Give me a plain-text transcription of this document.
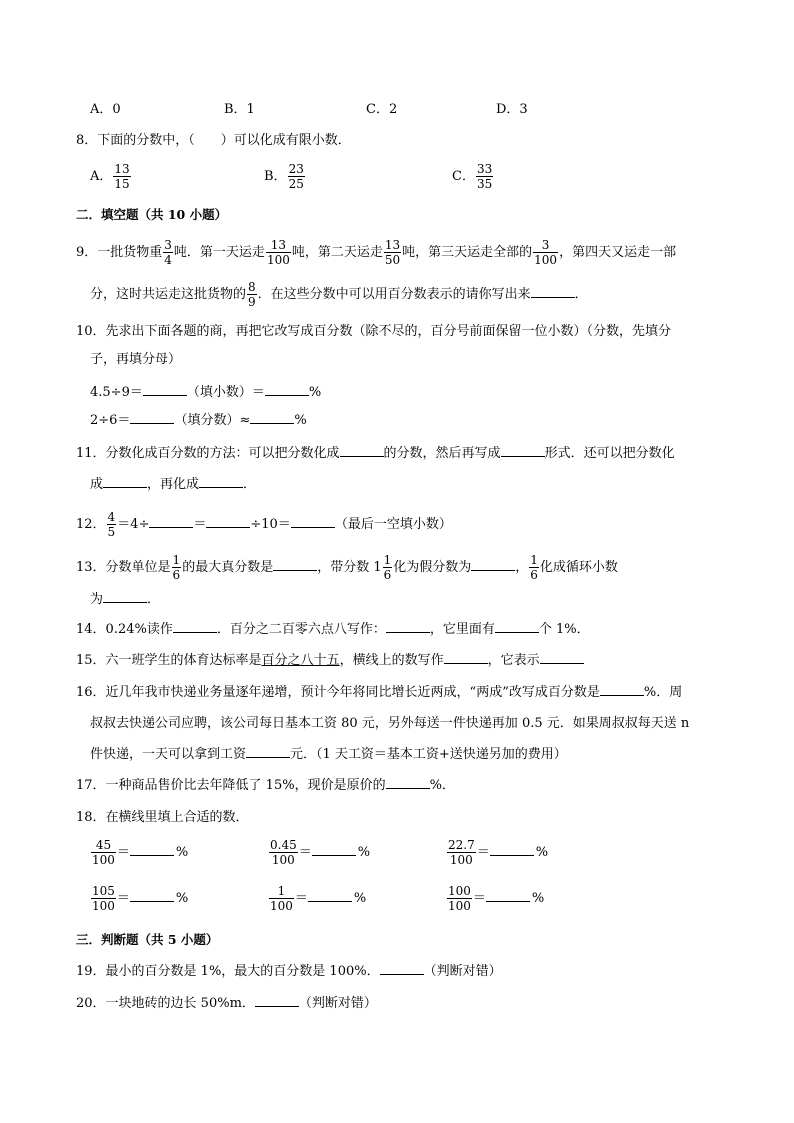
A．0	B．1	C．2	D．3
8．下面的分数中，（　　）可以化成有限小数．
A． $\frac{13}{15}$	B． $\frac{23}{25}$	C． $\frac{33}{35}$
二．填空题（共 10 小题）
9．一批货物重 $\frac{3}{4}$ 吨．第一天运走 $\frac{13}{100}$ 吨，第二天运走 $\frac{13}{50}$ 吨，第三天运走全部的 $\frac{3}{100}$ ，第四天又运走一部
分，这时共运走这批货物的 $\frac{8}{9}$ ．在这些分数中可以用百分数表示的请你写出来	．
10．先求出下面各题的商，再把它改写成百分数（除不尽的，百分号前面保留一位小数）（分数，先填分
子，再填分母）
4.5÷9＝	（填小数）＝	%
2÷6＝	（填分数）≈	%
11．分数化成百分数的方法：可以把分数化成	的分数，然后再写成	形式．还可以把分数化
成	，再化成	．
12． $\frac{4}{5} =4\div$	＝	÷10＝	（最后一空填小数）
13．分数单位是 $\frac{1}{6}$ 的最大真分数是	，带分数 $1 \frac{1}{6}$ 化为假分数为	， $\frac{1}{6}$ 化成循环小数
为	．
14．0.24%读作	．百分之二百零六点八写作：	，它里面有	个 1%．
15．六一班学生的体育达标率是百分之八十五，横线上的数写作	，它表示
16．近几年我市快递业务量逐年递增，预计今年将同比增长近两成，“两成”改写成百分数是	%．周
叔叔去快递公司应聘，该公司每日基本工资 80 元，另外每送一件快递再加 0.5 元．如果周叔叔每天送 n
件快递，一天可以拿到工资	元．（1 天工资＝基本工资+送快递另加的费用）
17．一种商品售价比去年降低了 15%，现价是原价的	%．
18．在横线里填上合适的数．
$\frac{45}{100}$ ＝	%	$\frac{0.45}{100}$ ＝	%	$\frac{22.7}{100}$ ＝	%
$\frac{105}{100}$ ＝	%	$\frac{1}{100}$ ＝	%	$\frac{100}{100}$ ＝	%
三．判断题（共 5 小题）
19．最小的百分数是 1%，最大的百分数是 100%．	（判断对错）
20．一块地砖的边长 50%m．	（判断对错）
